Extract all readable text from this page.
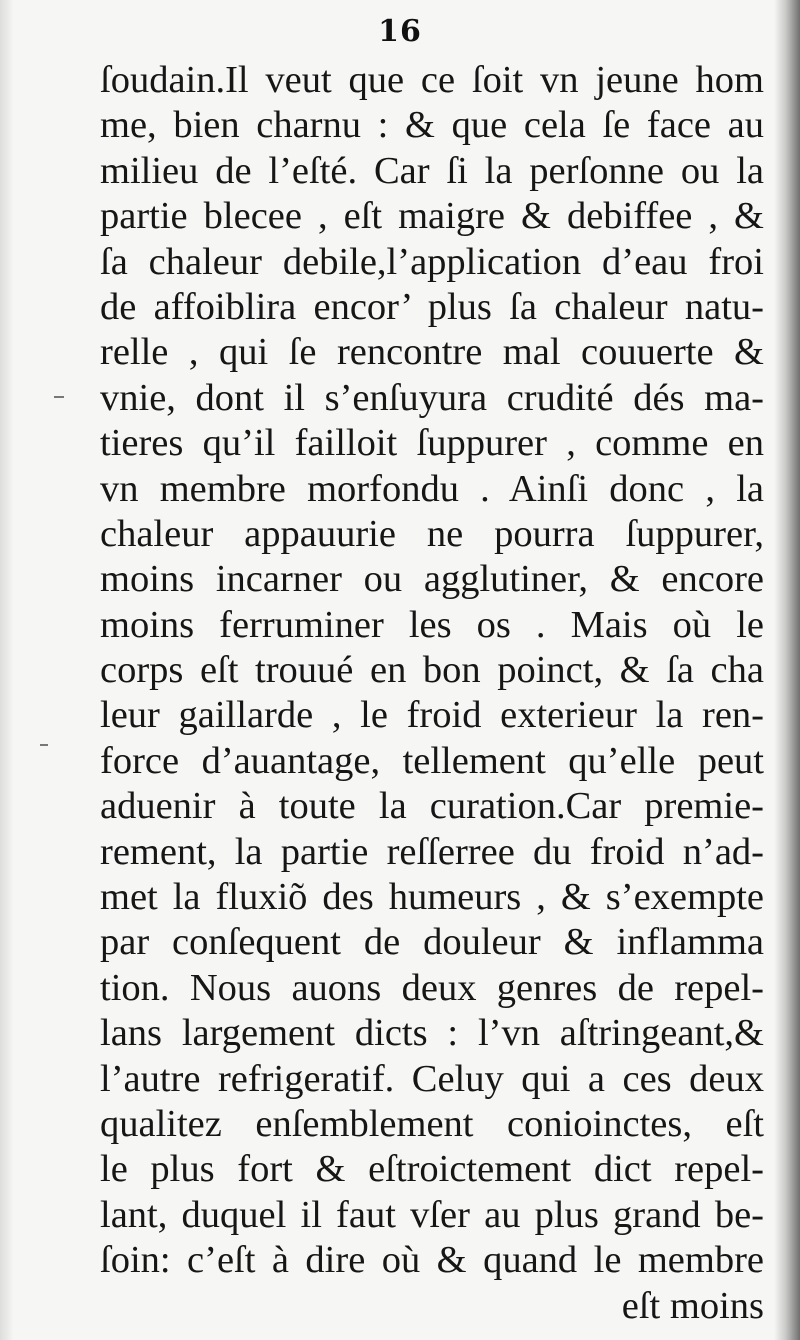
16
ſoudain.Il veut que ce ſoit vn jeune hom
me, bien charnu : & que cela ſe face au
milieu de l’eſté. Car ſi la perſonne ou la
partie blecee , eſt maigre & debiffee , &
ſa chaleur debile,l’application d’eau froi
de affoiblira encor’ plus ſa chaleur natu-
relle , qui ſe rencontre mal couuerte &
vnie, dont il s’enſuyura crudité dés ma-
tieres qu’il failloit ſuppurer , comme en
vn membre morfondu . Ainſi donc , la
chaleur appauurie ne pourra ſuppurer,
moins incarner ou agglutiner, & encore
moins ferruminer les os . Mais où le
corps eſt trouué en bon poinct, & ſa cha
leur gaillarde , le froid exterieur la ren-
force d’auantage, tellement qu’elle peut
aduenir à toute la curation.Car premie-
rement, la partie reſſerree du froid n’ad-
met la fluxiõ des humeurs , & s’exempte
par conſequent de douleur & inflamma
tion. Nous auons deux genres de repel-
lans largement dicts : l’vn aſtringeant,&
l’autre refrigeratif. Celuy qui a ces deux
qualitez enſemblement conioinctes, eſt
le plus fort & eſtroictement dict repel-
lant, duquel il faut vſer au plus grand be-
ſoin: c’eſt à dire où & quand le membre
eſt moins
